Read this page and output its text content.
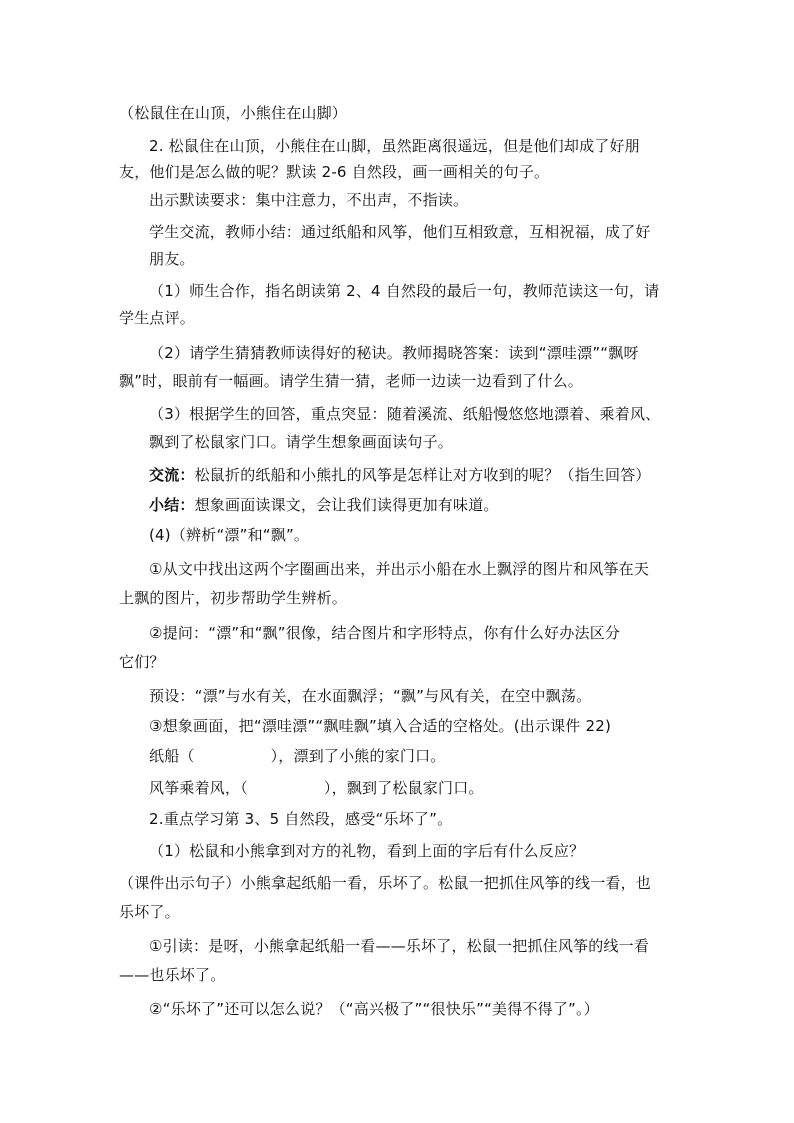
（松鼠住在山顶，小熊住在山脚）
2. 松鼠住在山顶，小熊住在山脚，虽然距离很遥远，但是他们却成了好朋
友，他们是怎么做的呢？默读 2-6 自然段，画一画相关的句子。
出示默读要求：集中注意力，不出声，不指读。
学生交流，教师小结：通过纸船和风筝，他们互相致意，互相祝福，成了好
朋友。
（1）师生合作，指名朗读第 2、4 自然段的最后一句，教师范读这一句，请
学生点评。
（2）请学生猜猜教师读得好的秘诀。教师揭晓答案：读到“漂哇漂”“飘呀
飘”时，眼前有一幅画。请学生猜一猜，老师一边读一边看到了什么。
（3）根据学生的回答，重点突显：随着溪流、纸船慢悠悠地漂着、乘着风、
飘到了松鼠家门口。请学生想象画面读句子。
交流：松鼠折的纸船和小熊扎的风筝是怎样让对方收到的呢？（指生回答）
小结：想象画面读课文，会让我们读得更加有味道。
(4)（辨析“漂”和“飘”。
①从文中找出这两个字圈画出来，并出示小船在水上飘浮的图片和风筝在天
上飘的图片，初步帮助学生辨析。
②提问：“漂”和“飘”很像，结合图片和字形特点，你有什么好办法区分
它们？
预设：“漂”与水有关，在水面飘浮；“飘”与风有关，在空中飘荡。
③想象画面，把“漂哇漂”“飘哇飘”填入合适的空格处。(出示课件 22)
纸船（　　　　　），漂到了小熊的家门口。
风筝乘着风，（　　　　　），飘到了松鼠家门口。
2.重点学习第 3、5 自然段，感受“乐坏了”。
（1）松鼠和小熊拿到对方的礼物，看到上面的字后有什么反应？
（课件出示句子）小熊拿起纸船一看，乐坏了。松鼠一把抓住风筝的线一看，也
乐坏了。
①引读：是呀，小熊拿起纸船一看——乐坏了，松鼠一把抓住风筝的线一看
——也乐坏了。
②“乐坏了”还可以怎么说？（“高兴极了”“很快乐”“美得不得了”。）
